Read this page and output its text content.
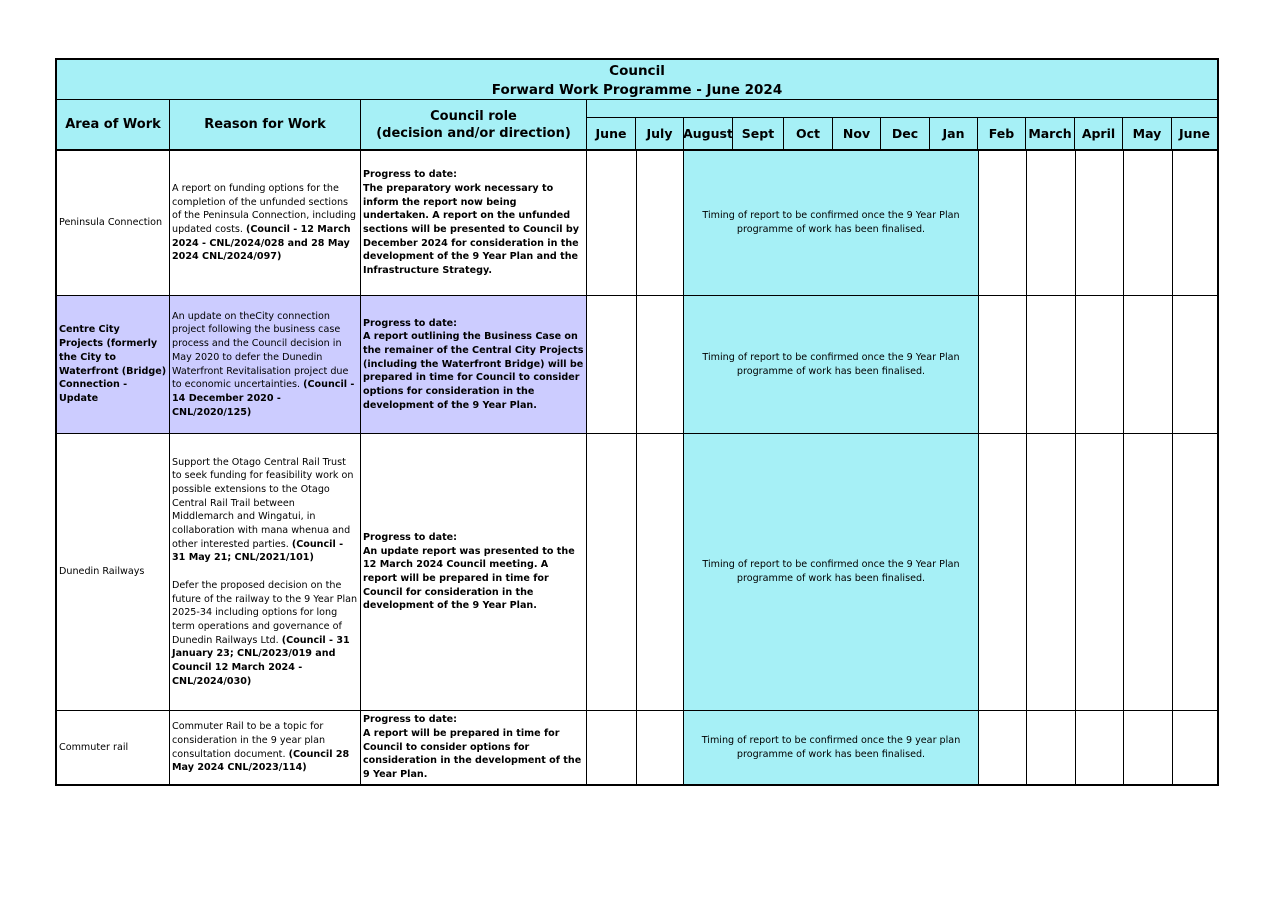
Council
Forward Work Programme - June 2024
Area of Work	Reason for Work
Council role
(decision and/or direction) June July August Sept Oct Nov Dec Jan Feb March April May June

Peninsula Connection

A report on funding options for the completion of the unfunded sections of the Peninsula Connection, including updated costs. (Council - 12 March 2024 - CNL/2024/028 and 28 May 2024 CNL/2024/097)

Progress to date:

The preparatory work necessary to inform the report now being undertaken. A report on the unfunded sections will be presented to Council by December 2024 for consideration in the development of the 9 Year Plan and the Infrastructure Strategy.

Timing of report to be confirmed once the 9 Year Plan programme of work has been finalised.

Centre City Projects (formerly the City to Waterfront (Bridge) Connection - Update

An update on theCity connection project following the business case process and the Council decision in May 2020 to defer the Dunedin Waterfront Revitalisation project due to economic uncertainties. (Council - 14 December 2020 - CNL/2020/125)

Progress to date:

A report outlining the Business Case on the remainer of the Central City Projects (including the Waterfront Bridge) will be prepared in time for Council to consider options for consideration in the development of the 9 Year Plan.

Timing of report to be confirmed once the 9 Year Plan programme of work has been finalised.

Dunedin Railways

Support the Otago Central Rail Trust to seek funding for feasibility work on possible extensions to the Otago Central Rail Trail between Middlemarch and Wingatui, in collaboration with mana whenua and other interested parties. (Council - 31 May 21; CNL/2021/101)

Defer the proposed decision on the future of the railway to the 9 Year Plan 2025-34 including options for long term operations and governance of Dunedin Railways Ltd. (Council - 31 January 23; CNL/2023/019 and Council 12 March 2024 - CNL/2024/030)

Progress to date:

An update report was presented to the 12 March 2024 Council meeting. A report will be prepared in time for Council for consideration in the development of the 9 Year Plan.

Timing of report to be confirmed once the 9 Year Plan programme of work has been finalised.

Commuter rail

Commuter Rail to be a topic for consideration in the 9 year plan consultation document. (Council 28 May 2024 CNL/2023/114)

Progress to date:

A report will be prepared in time for Council to consider options for consideration in the development of the 9 Year Plan.

Timing of report to be confirmed once the 9 year plan programme of work has been finalised.
